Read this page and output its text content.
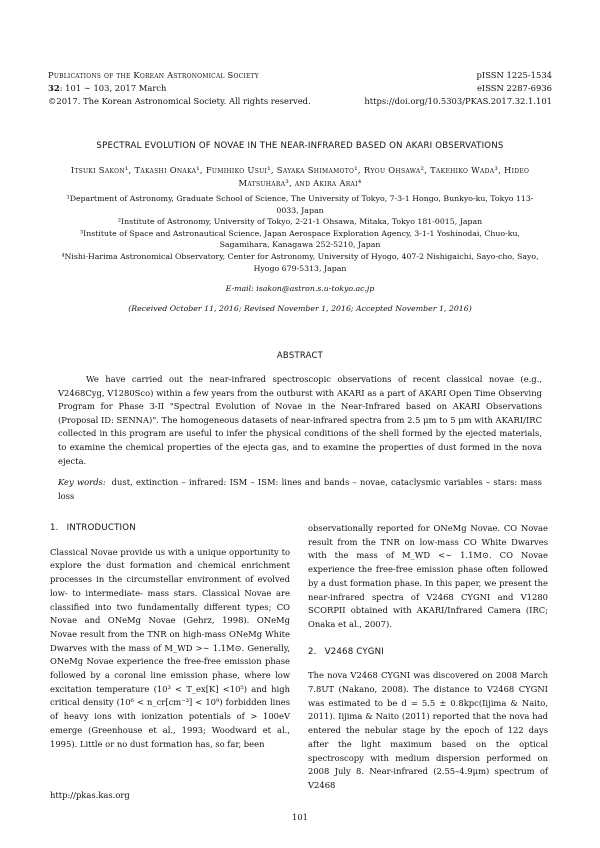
Publications of the Korean Astronomical Society
32: 101 ∼ 103, 2017 March
©2017. The Korean Astronomical Society. All rights reserved.
pISSN 1225-1534
eISSN 2287-6936
https://doi.org/10.5303/PKAS.2017.32.1.101
SPECTRAL EVOLUTION OF NOVAE IN THE NEAR-INFRARED BASED ON AKARI OBSERVATIONS
Itsuki Sakon¹, Takashi Onaka¹, Fumihiko Usui¹, Sayaka Shimamoto¹, Ryou Ohsawa², Takehiko Wada³, Hideo
Matsuhara³, and Akira Arai⁴
¹Department of Astronomy, Graduate School of Science, The University of Tokyo, 7-3-1 Hongo, Bunkyo-ku, Tokyo 113-0033, Japan
²Institute of Astronomy, University of Tokyo, 2-21-1 Ohsawa, Mitaka, Tokyo 181-0015, Japan
³Institute of Space and Astronautical Science, Japan Aerospace Exploration Agency, 3-1-1 Yoshinodai, Chuo-ku, Sagamihara, Kanagawa 252-5210, Japan
⁴Nishi-Harima Astronomical Observatory, Center for Astronomy, University of Hyogo, 407-2 Nishigaichi, Sayo-cho, Sayo, Hyogo 679-5313, Japan
E-mail: isakon@astron.s.u-tokyo.ac.jp
(Received October 11, 2016; Revised November 1, 2016; Accepted November 1, 2016)
ABSTRACT
We have carried out the near-infrared spectroscopic observations of recent classical novae (e.g., V2468Cyg, V1280Sco) within a few years from the outburst with AKARI as a part of AKARI Open Time Observing Program for Phase 3-II "Spectral Evolution of Novae in the Near-Infrared based on AKARI Observations (Proposal ID: SENNA)". The homogeneous datasets of near-infrared spectra from 2.5 μm to 5 μm with AKARI/IRC collected in this program are useful to infer the physical conditions of the shell formed by the ejected materials, to examine the chemical properties of the ejecta gas, and to examine the properties of dust formed in the nova ejecta.
Key words: dust, extinction – infrared: ISM – ISM: lines and bands – novae, cataclysmic variables – stars: mass loss
1. INTRODUCTION

Classical Novae provide us with a unique opportunity to explore the dust formation and chemical enrichment processes in the circumstellar environment of evolved low- to intermediate- mass stars. Classical Novae are classified into two fundamentally different types; CO Novae and ONeMg Novae (Gehrz, 1998). ONeMg Novae result from the TNR on high-mass ONeMg White Dwarves with the mass of M_WD >∼ 1.1M⊙. Generally, ONeMg Novae experience the free-free emission phase followed by a coronal line emission phase, where low excitation temperature (10³ < T_ex[K] <10⁵) and high critical density (10⁶ < n_cr[cm⁻³] < 10⁹) forbidden lines of heavy ions with ionization potentials of > 100eV emerge (Greenhouse et al., 1993; Woodward et al., 1995). Little or no dust formation has, so far, been

observationally reported for ONeMg Novae. CO Novae result from the TNR on low-mass CO White Dwarves with the mass of M_WD <∼ 1.1M⊙. CO Novae experience the free-free emission phase often followed by a dust formation phase. In this paper, we present the near-infrared spectra of V2468 CYGNI and V1280 SCORPII obtained with AKARI/Infrared Camera (IRC; Onaka et al., 2007).

2. V2468 CYGNI

The nova V2468 CYGNI was discovered on 2008 March 7.8UT (Nakano, 2008). The distance to V2468 CYGNI was estimated to be d = 5.5 ± 0.8kpc(Iijima & Naito, 2011). Iijima & Naito (2011) reported that the nova had entered the nebular stage by the epoch of 122 days after the light maximum based on the optical spectroscopy with medium dispersion performed on 2008 July 8. Near-infrared (2.55–4.9μm) spectrum of V2468

http://pkas.kas.org
101
